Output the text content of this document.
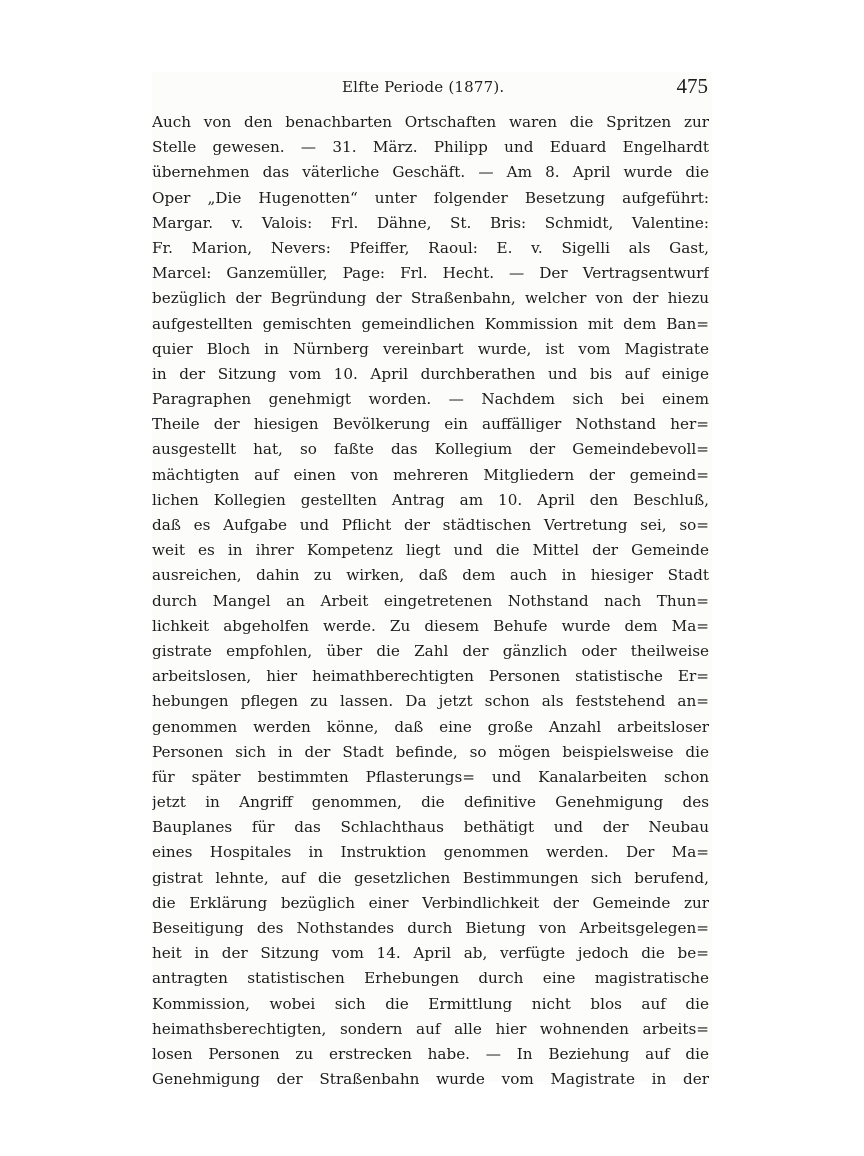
Elfte Periode (1877).	475
Auch von den benachbarten Ortschaften waren die Spritzen zur
Stelle gewesen. — 31. März. Philipp und Eduard Engelhardt
übernehmen das väterliche Geschäft. — Am 8. April wurde die
Oper „Die Hugenotten“ unter folgender Besetzung aufgeführt:
Margar. v. Valois: Frl. Dähne, St. Bris: Schmidt, Valentine:
Fr. Marion, Nevers: Pfeiffer, Raoul: E. v. Sigelli als Gast,
Marcel: Ganzemüller, Page: Frl. Hecht. — Der Vertragsentwurf
bezüglich der Begründung der Straßenbahn, welcher von der hiezu
aufgestellten gemischten gemeindlichen Kommission mit dem Ban=
quier Bloch in Nürnberg vereinbart wurde, ist vom Magistrate
in der Sitzung vom 10. April durchberathen und bis auf einige
Paragraphen genehmigt worden. — Nachdem sich bei einem
Theile der hiesigen Bevölkerung ein auffälliger Nothstand her=
ausgestellt hat, so faßte das Kollegium der Gemeindebevoll=
mächtigten auf einen von mehreren Mitgliedern der gemeind=
lichen Kollegien gestellten Antrag am 10. April den Beschluß,
daß es Aufgabe und Pflicht der städtischen Vertretung sei, so=
weit es in ihrer Kompetenz liegt und die Mittel der Gemeinde
ausreichen, dahin zu wirken, daß dem auch in hiesiger Stadt
durch Mangel an Arbeit eingetretenen Nothstand nach Thun=
lichkeit abgeholfen werde. Zu diesem Behufe wurde dem Ma=
gistrate empfohlen, über die Zahl der gänzlich oder theilweise
arbeitslosen, hier heimathberechtigten Personen statistische Er=
hebungen pflegen zu lassen. Da jetzt schon als feststehend an=
genommen werden könne, daß eine große Anzahl arbeitsloser
Personen sich in der Stadt befinde, so mögen beispielsweise die
für später bestimmten Pflasterungs= und Kanalarbeiten schon
jetzt in Angriff genommen, die definitive Genehmigung des
Bauplanes für das Schlachthaus bethätigt und der Neubau
eines Hospitales in Instruktion genommen werden. Der Ma=
gistrat lehnte, auf die gesetzlichen Bestimmungen sich berufend,
die Erklärung bezüglich einer Verbindlichkeit der Gemeinde zur
Beseitigung des Nothstandes durch Bietung von Arbeitsgelegen=
heit in der Sitzung vom 14. April ab, verfügte jedoch die be=
antragten statistischen Erhebungen durch eine magistratische
Kommission, wobei sich die Ermittlung nicht blos auf die
heimathsberechtigten, sondern auf alle hier wohnenden arbeits=
losen Personen zu erstrecken habe. — In Beziehung auf die
Genehmigung der Straßenbahn wurde vom Magistrate in der
